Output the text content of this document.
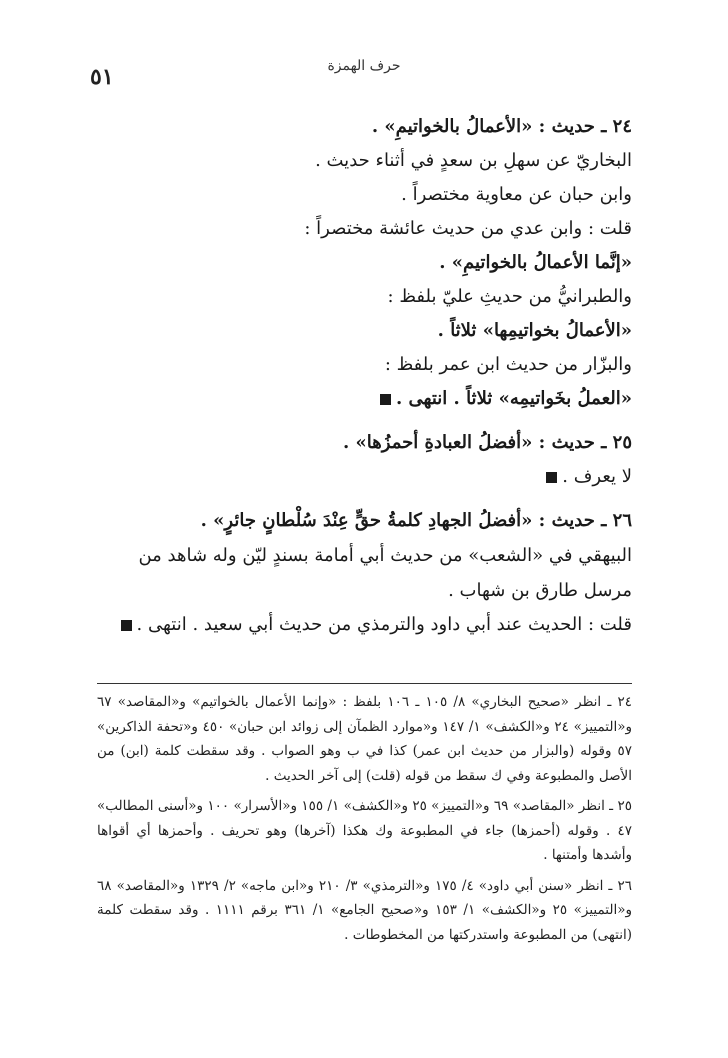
حرف الهمزة
٥١
٢٤ ـ حديث : «الأعمالُ بالخواتيمِ» .
البخاريّ عن سهلِ بن سعدٍ في أثناء حديث .
وابن حبان عن معاوية مختصراً .
قلت : وابن عدي من حديث عائشة مختصراً :
«إنَّما الأعمالُ بالخواتيمِ» .
والطبرانيُّ من حديثِ عليّ بلفظ :
«الأعمالُ بخواتيمِها» ثلاثاً .
والبزّار من حديث ابن عمر بلفظ :
«العملُ بخَواتيمِه» ثلاثاً . انتهى .
٢٥ ـ حديث : «أفضلُ العبادةِ أحمزُها» .
لا يعرف .
٢٦ ـ حديث : «أفضلُ الجهادِ كلمةُ حقٍّ عِنْدَ سُلْطانٍ جائرٍ» .
البيهقي في «الشعب» من حديث أبي أمامة بسندٍ ليّن وله شاهد من مرسل طارق بن شهاب .
قلت : الحديث عند أبي داود والترمذي من حديث أبي سعيد . انتهى .
٢٤ ـ انظر «صحيح البخاري» ٨/ ١٠٥ ـ ١٠٦ بلفظ : «وإنما الأعمال بالخواتيم» و«المقاصد» ٦٧ و«التمييز» ٢٤ و«الكشف» ١/ ١٤٧ و«موارد الظمآن إلى زوائد ابن حبان» ٤٥٠ و«تحفة الذاكرين» ٥٧ وقوله (والبزار من حديث ابن عمر) كذا في ب وهو الصواب . وقد سقطت كلمة (ابن) من الأصل والمطبوعة وفي ك سقط من قوله (قلت) إلى آخر الحديث .
٢٥ ـ انظر «المقاصد» ٦٩ و«التمييز» ٢٥ و«الكشف» ١/ ١٥٥ و«الأسرار» ١٠٠ و«أسنى المطالب» ٤٧ . وقوله (أحمزها) جاء في المطبوعة وك هكذا (آخرها) وهو تحريف . وأحمزها أي أقواها وأشدها وأمتنها .
٢٦ ـ انظر «سنن أبي داود» ٤/ ١٧٥ و«الترمذي» ٣/ ٢١٠ و«ابن ماجه» ٢/ ١٣٢٩ و«المقاصد» ٦٨ و«التمييز» ٢٥ و«الكشف» ١/ ١٥٣ و«صحيح الجامع» ١/ ٣٦١ برقم ١١١١ . وقد سقطت كلمة (انتهى) من المطبوعة واستدركتها من المخطوطات .
